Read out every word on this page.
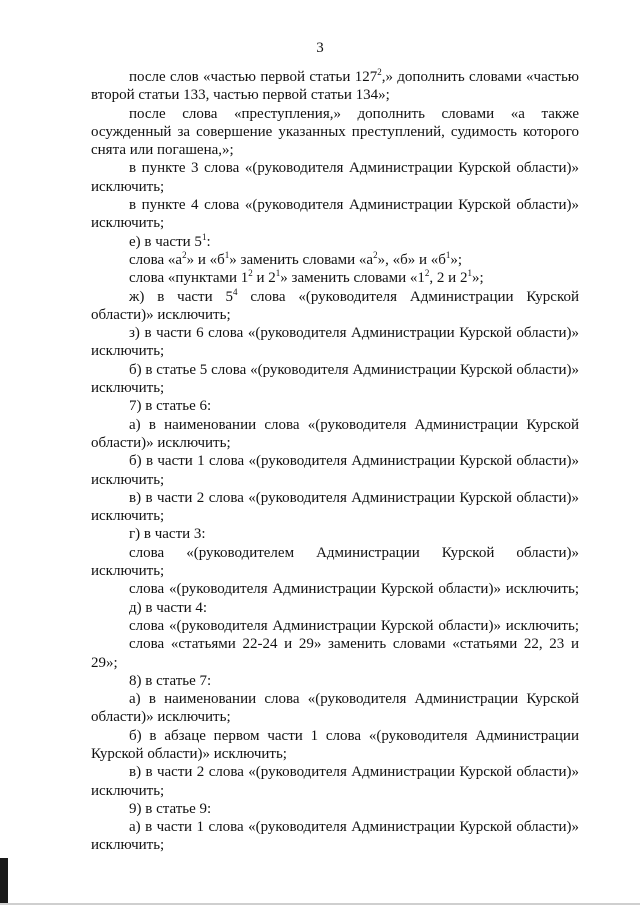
3

после слов «частью первой статьи $127^2$,» дополнить словами «частью второй статьи 133, частью первой статьи 134»;

после слова «преступления,» дополнить словами «а также осужденный за совершение указанных преступлений, судимость которого снята или погашена,»;

в пункте 3 слова «(руководителя Администрации Курской области)» исключить;

в пункте 4 слова «(руководителя Администрации Курской области)» исключить;

е) в части $5^1$:

слова «$а^2$» и «$б^1$» заменить словами «$а^2$», «б» и «$б^1$»;

слова «пунктами $1^2$ и $2^1$» заменить словами «$1^2$, 2 и $2^1$»;

ж) в части $5^4$ слова «(руководителя Администрации Курской области)» исключить;

з) в части 6 слова «(руководителя Администрации Курской области)» исключить;

б) в статье 5 слова «(руководителя Администрации Курской области)» исключить;

7) в статье 6:

а) в наименовании слова «(руководителя Администрации Курской области)» исключить;

б) в части 1 слова «(руководителя Администрации Курской области)» исключить;

в) в части 2 слова «(руководителя Администрации Курской области)» исключить;

г) в части 3:

слова «(руководителем Администрации Курской области)» исключить;

слова «(руководителя Администрации Курской области)» исключить;

д) в части 4:

слова «(руководителя Администрации Курской области)» исключить;

слова «статьями 22-24 и 29» заменить словами «статьями 22, 23 и 29»;

8) в статье 7:

а) в наименовании слова «(руководителя Администрации Курской области)» исключить;

б) в абзаце первом части 1 слова «(руководителя Администрации Курской области)» исключить;

в) в части 2 слова «(руководителя Администрации Курской области)» исключить;

9) в статье 9:

а) в части 1 слова «(руководителя Администрации Курской области)» исключить;
